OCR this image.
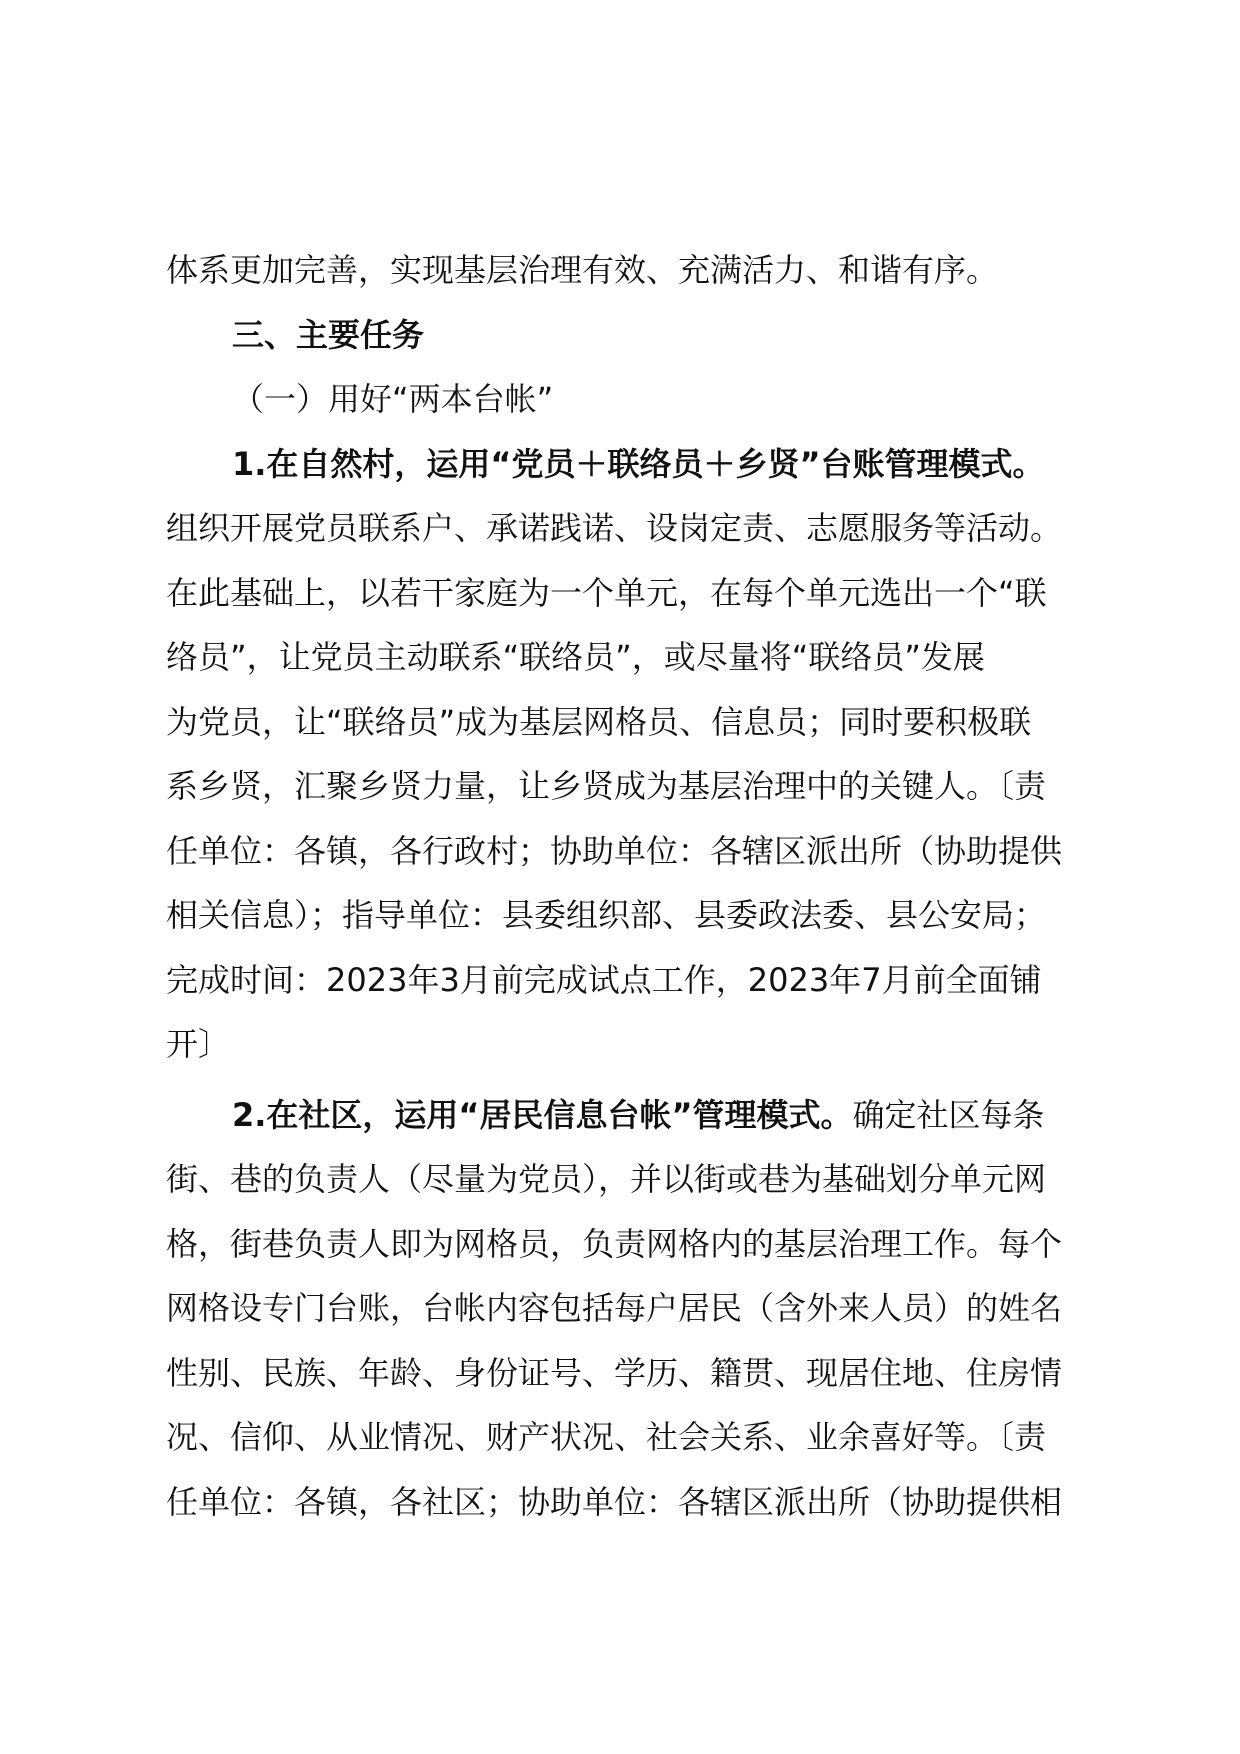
体系更加完善，实现基层治理有效、充满活力、和谐有序。
三、主要任务
（一）用好“两本台帐”
1.在自然村，运用“党员＋联络员＋乡贤”台账管理模式。
组织开展党员联系户、承诺践诺、设岗定责、志愿服务等活动。
在此基础上，以若干家庭为一个单元，在每个单元选出一个“联
络员”，让党员主动联系“联络员”，或尽量将“联络员”发展
为党员，让“联络员”成为基层网格员、信息员；同时要积极联
系乡贤，汇聚乡贤力量，让乡贤成为基层治理中的关键人。〔责
任单位：各镇，各行政村；协助单位：各辖区派出所（协助提供
相关信息）；指导单位：县委组织部、县委政法委、县公安局；
完成时间：2023年3月前完成试点工作，2023年7月前全面铺
开〕
2.在社区，运用“居民信息台帐”管理模式。确定社区每条
街、巷的负责人（尽量为党员），并以街或巷为基础划分单元网
格，街巷负责人即为网格员，负责网格内的基层治理工作。每个
网格设专门台账，台帐内容包括每户居民（含外来人员）的姓名
性别、民族、年龄、身份证号、学历、籍贯、现居住地、住房情
况、信仰、从业情况、财产状况、社会关系、业余喜好等。〔责
任单位：各镇，各社区；协助单位：各辖区派出所（协助提供相
